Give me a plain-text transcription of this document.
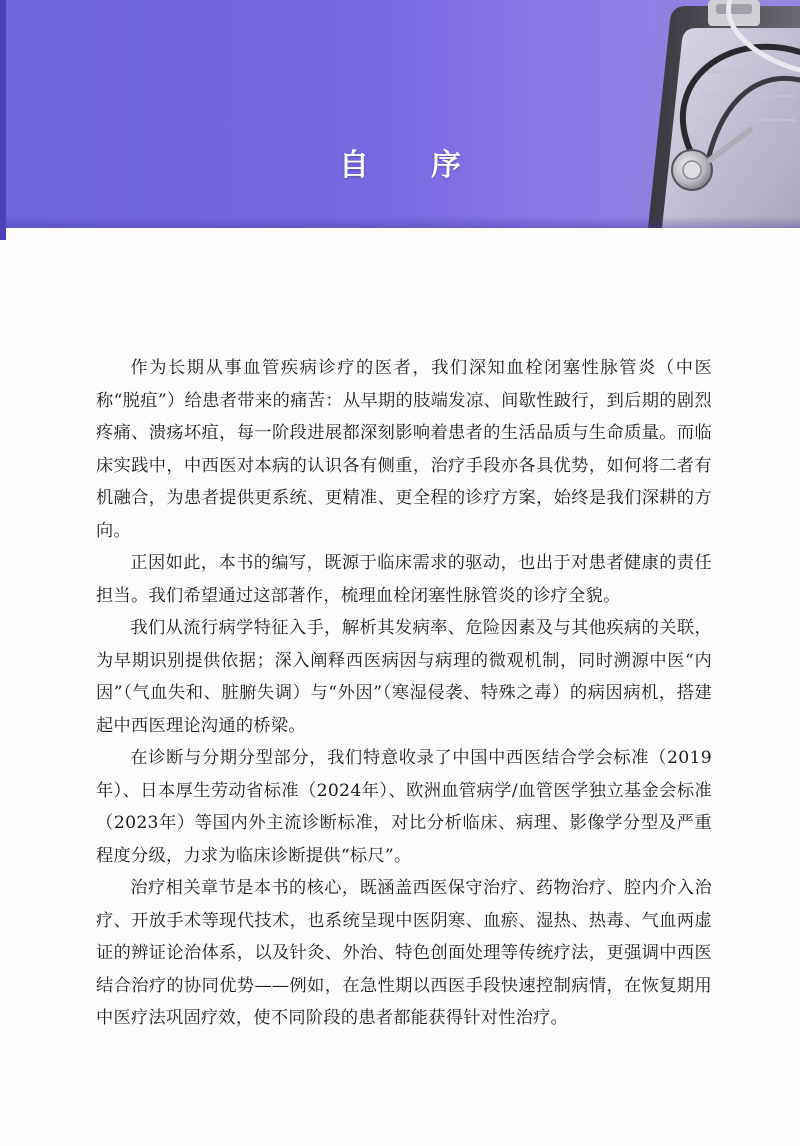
自序

作为长期从事血管疾病诊疗的医者，我们深知血栓闭塞性脉管炎（中医称“脱疽”）给患者带来的痛苦：从早期的肢端发凉、间歇性跛行，到后期的剧烈疼痛、溃疡坏疽，每一阶段进展都深刻影响着患者的生活品质与生命质量。而临床实践中，中西医对本病的认识各有侧重，治疗手段亦各具优势，如何将二者有机融合，为患者提供更系统、更精准、更全程的诊疗方案，始终是我们深耕的方向。

正因如此，本书的编写，既源于临床需求的驱动，也出于对患者健康的责任担当。我们希望通过这部著作，梳理血栓闭塞性脉管炎的诊疗全貌。

我们从流行病学特征入手，解析其发病率、危险因素及与其他疾病的关联，为早期识别提供依据；深入阐释西医病因与病理的微观机制，同时溯源中医“内因”（气血失和、脏腑失调）与“外因”（寒湿侵袭、特殊之毒）的病因病机，搭建起中西医理论沟通的桥梁。

在诊断与分期分型部分，我们特意收录了中国中西医结合学会标准（2019年）、日本厚生劳动省标准（2024年）、欧洲血管病学/血管医学独立基金会标准（2023年）等国内外主流诊断标准，对比分析临床、病理、影像学分型及严重程度分级，力求为临床诊断提供“标尺”。

治疗相关章节是本书的核心，既涵盖西医保守治疗、药物治疗、腔内介入治疗、开放手术等现代技术，也系统呈现中医阴寒、血瘀、湿热、热毒、气血两虚证的辨证论治体系，以及针灸、外治、特色创面处理等传统疗法，更强调中西医结合治疗的协同优势——例如，在急性期以西医手段快速控制病情，在恢复期用中医疗法巩固疗效，使不同阶段的患者都能获得针对性治疗。
